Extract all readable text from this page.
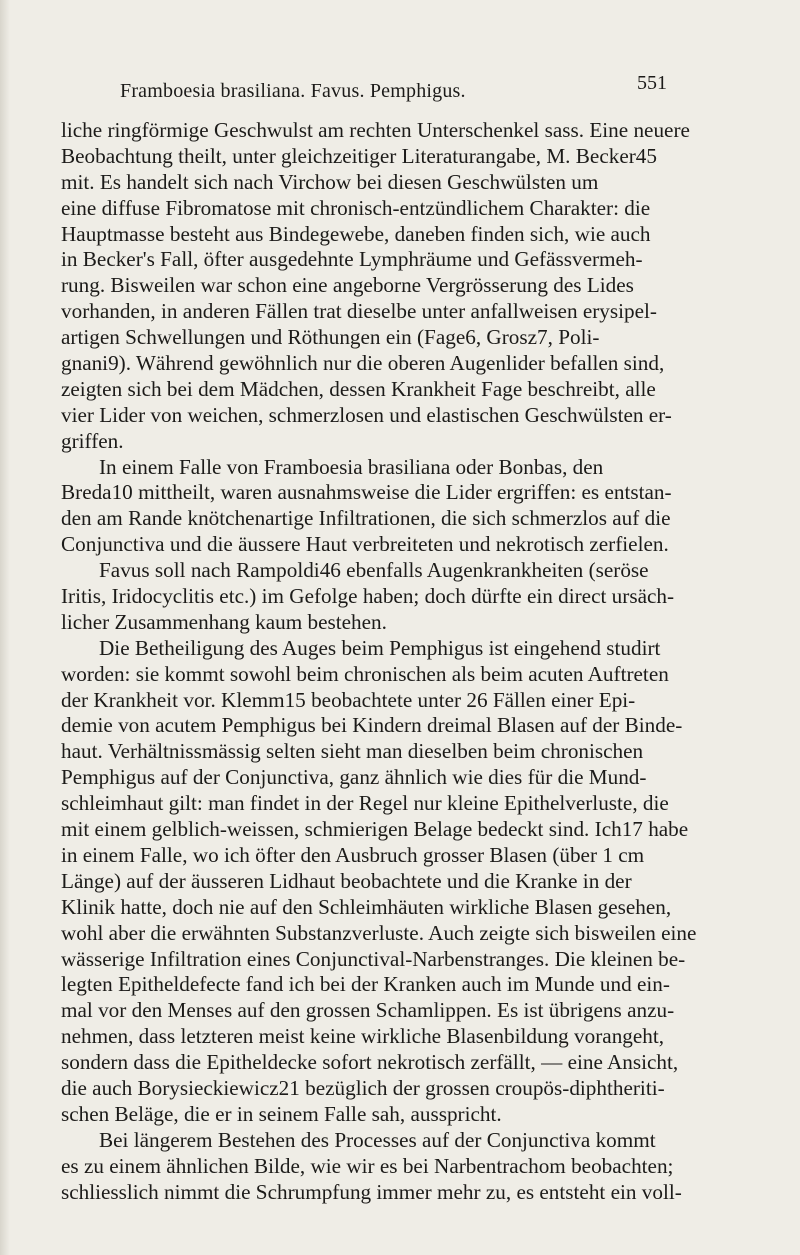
Framboesia brasiliana. Favus. Pemphigus.	551
liche ringförmige Geschwulst am rechten Unterschenkel sass. Eine neuere
Beobachtung theilt, unter gleichzeitiger Literaturangabe, M. Becker45
mit. Es handelt sich nach Virchow bei diesen Geschwülsten um
eine diffuse Fibromatose mit chronisch-entzündlichem Charakter: die
Hauptmasse besteht aus Bindegewebe, daneben finden sich, wie auch
in Becker's Fall, öfter ausgedehnte Lymphräume und Gefässvermeh-
rung. Bisweilen war schon eine angeborne Vergrösserung des Lides
vorhanden, in anderen Fällen trat dieselbe unter anfallweisen erysipel-
artigen Schwellungen und Röthungen ein (Fage6, Grosz7, Poli-
gnani9). Während gewöhnlich nur die oberen Augenlider befallen sind,
zeigten sich bei dem Mädchen, dessen Krankheit Fage beschreibt, alle
vier Lider von weichen, schmerzlosen und elastischen Geschwülsten er-
griffen.
In einem Falle von Framboesia brasiliana oder Bonbas, den
Breda10 mittheilt, waren ausnahmsweise die Lider ergriffen: es entstan-
den am Rande knötchenartige Infiltrationen, die sich schmerzlos auf die
Conjunctiva und die äussere Haut verbreiteten und nekrotisch zerfielen.
Favus soll nach Rampoldi46 ebenfalls Augenkrankheiten (seröse
Iritis, Iridocyclitis etc.) im Gefolge haben; doch dürfte ein direct ursäch-
licher Zusammenhang kaum bestehen.
Die Betheiligung des Auges beim Pemphigus ist eingehend studirt
worden: sie kommt sowohl beim chronischen als beim acuten Auftreten
der Krankheit vor. Klemm15 beobachtete unter 26 Fällen einer Epi-
demie von acutem Pemphigus bei Kindern dreimal Blasen auf der Binde-
haut. Verhältnissmässig selten sieht man dieselben beim chronischen
Pemphigus auf der Conjunctiva, ganz ähnlich wie dies für die Mund-
schleimhaut gilt: man findet in der Regel nur kleine Epithelverluste, die
mit einem gelblich-weissen, schmierigen Belage bedeckt sind. Ich17 habe
in einem Falle, wo ich öfter den Ausbruch grosser Blasen (über 1 cm
Länge) auf der äusseren Lidhaut beobachtete und die Kranke in der
Klinik hatte, doch nie auf den Schleimhäuten wirkliche Blasen gesehen,
wohl aber die erwähnten Substanzverluste. Auch zeigte sich bisweilen eine
wässerige Infiltration eines Conjunctival-Narbenstranges. Die kleinen be-
legten Epitheldefecte fand ich bei der Kranken auch im Munde und ein-
mal vor den Menses auf den grossen Schamlippen. Es ist übrigens anzu-
nehmen, dass letzteren meist keine wirkliche Blasenbildung vorangeht,
sondern dass die Epitheldecke sofort nekrotisch zerfällt, — eine Ansicht,
die auch Borysieckiewicz21 bezüglich der grossen croupös-diphtheriti-
schen Beläge, die er in seinem Falle sah, ausspricht.
Bei längerem Bestehen des Processes auf der Conjunctiva kommt
es zu einem ähnlichen Bilde, wie wir es bei Narbentrachom beobachten;
schliesslich nimmt die Schrumpfung immer mehr zu, es entsteht ein voll-
